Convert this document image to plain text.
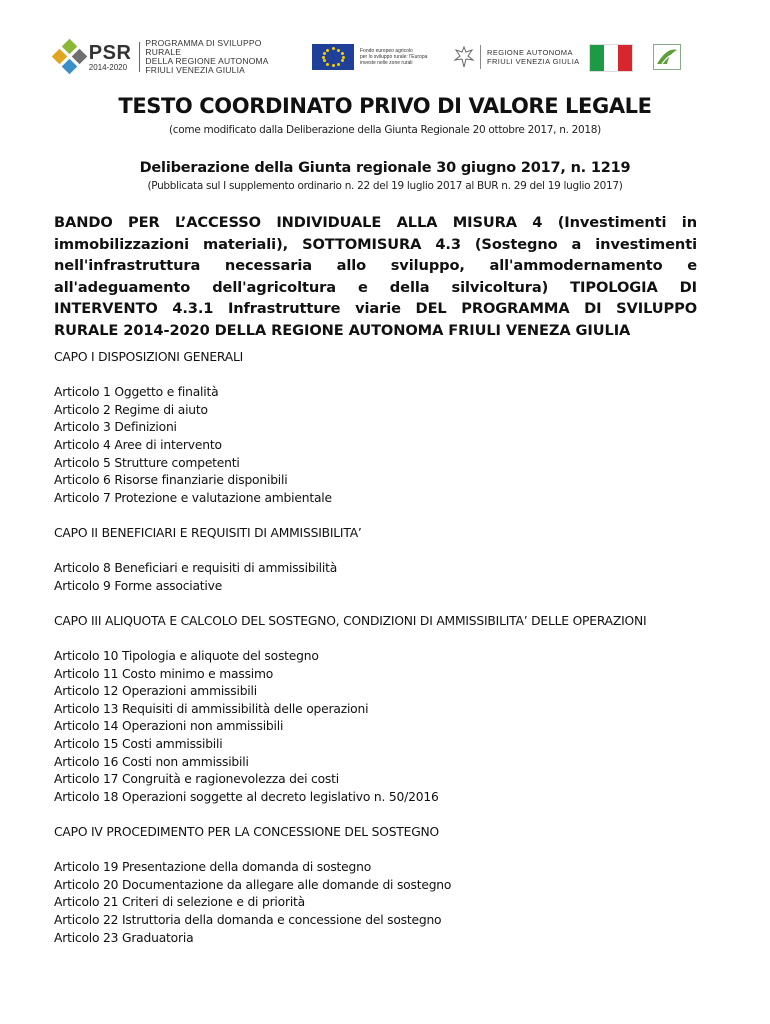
PSR
2014-2020
PROGRAMMA DI SVILUPPO RURALE
DELLA REGIONE AUTONOMA
FRIULI VENEZIA GIULIA
Fondo europeo agricolo
per lo sviluppo rurale: l'Europa
investe nelle zone rurali
REGIONE AUTONOMA
FRIULI VENEZIA GIULIA
TESTO COORDINATO PRIVO DI VALORE LEGALE
(come modificato dalla Deliberazione della Giunta Regionale 20 ottobre 2017, n. 2018)
Deliberazione della Giunta regionale 30 giugno 2017, n. 1219
(Pubblicata sul I supplemento ordinario n. 22 del 19 luglio 2017 al BUR n. 29 del 19 luglio 2017)
BANDO PER L’ACCESSO INDIVIDUALE ALLA MISURA 4 (Investimenti in immobilizzazioni materiali), SOTTOMISURA 4.3 (Sostegno a investimenti nell'infrastruttura necessaria allo sviluppo, all'ammodernamento e all'adeguamento dell'agricoltura e della silvicoltura) TIPOLOGIA DI INTERVENTO 4.3.1 Infrastrutture viarie DEL PROGRAMMA DI SVILUPPO RURALE 2014-2020 DELLA REGIONE AUTONOMA FRIULI VENEZA GIULIA
CAPO I DISPOSIZIONI GENERALI
Articolo 1 Oggetto e finalità
Articolo 2 Regime di aiuto
Articolo 3 Definizioni
Articolo 4 Aree di intervento
Articolo 5 Strutture competenti
Articolo 6 Risorse finanziarie disponibili
Articolo 7 Protezione e valutazione ambientale
CAPO II BENEFICIARI E REQUISITI DI AMMISSIBILITA’
Articolo 8 Beneficiari e requisiti di ammissibilità
Articolo 9 Forme associative
CAPO III ALIQUOTA E CALCOLO DEL SOSTEGNO, CONDIZIONI DI AMMISSIBILITA’ DELLE OPERAZIONI
Articolo 10 Tipologia e aliquote del sostegno
Articolo 11 Costo minimo e massimo
Articolo 12 Operazioni ammissibili
Articolo 13 Requisiti di ammissibilità delle operazioni
Articolo 14 Operazioni non ammissibili
Articolo 15 Costi ammissibili
Articolo 16 Costi non ammissibili
Articolo 17 Congruità e ragionevolezza dei costi
Articolo 18 Operazioni soggette al decreto legislativo n. 50/2016
CAPO IV PROCEDIMENTO PER LA CONCESSIONE DEL SOSTEGNO
Articolo 19 Presentazione della domanda di sostegno
Articolo 20 Documentazione da allegare alle domande di sostegno
Articolo 21 Criteri di selezione e di priorità
Articolo 22 Istruttoria della domanda e concessione del sostegno
Articolo 23 Graduatoria
